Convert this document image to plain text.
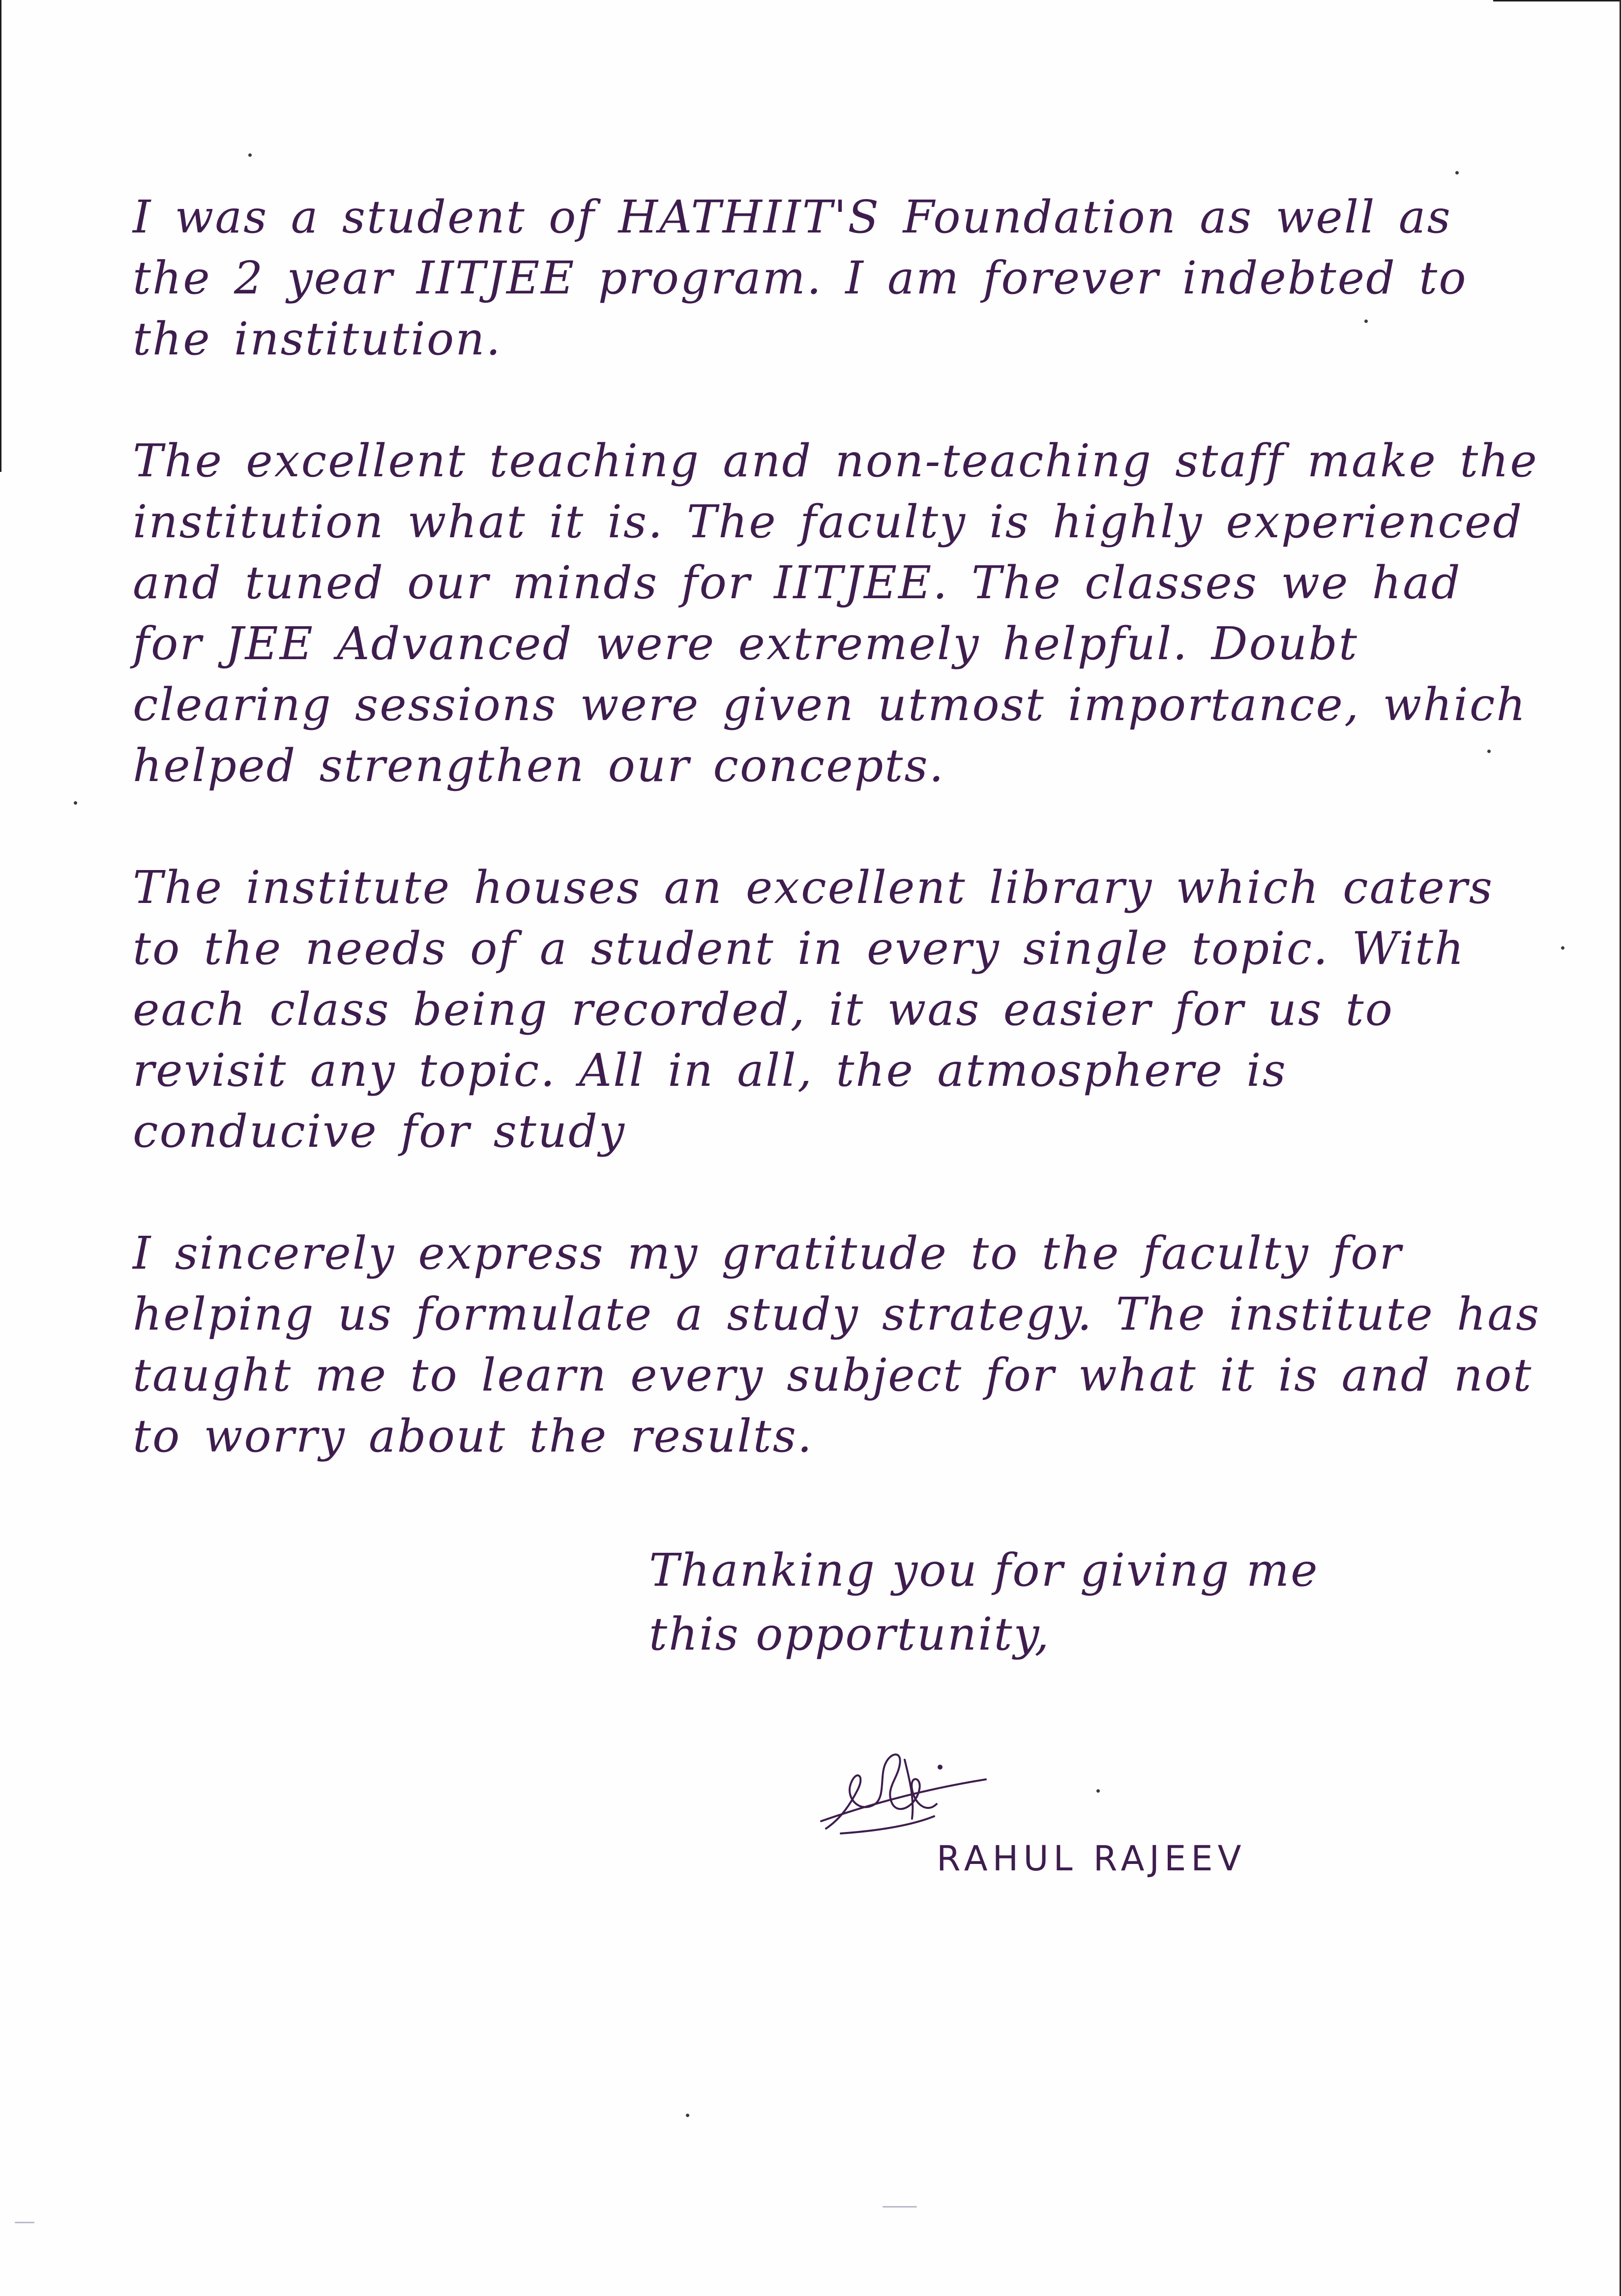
I was a student of HATHIIT'S Foundation as well as the 2 year IITJEE program. I am forever indebted to the institution.

The excellent teaching and non-teaching staff make the institution what it is. The faculty is highly experienced and tuned our minds for IITJEE. The classes we had for JEE Advanced were extremely helpful. Doubt clearing sessions were given utmost importance, which helped strengthen our concepts.

The institute houses an excellent library which caters to the needs of a student in every single topic. With each class being recorded, it was easier for us to revisit any topic. All in all, the atmosphere is conducive for study

I sincerely express my gratitude to the faculty for helping us formulate a study strategy. The institute has taught me to learn every subject for what it is and not to worry about the results.

Thanking you for giving me
this opportunity,
RAHUL RAJEEV
